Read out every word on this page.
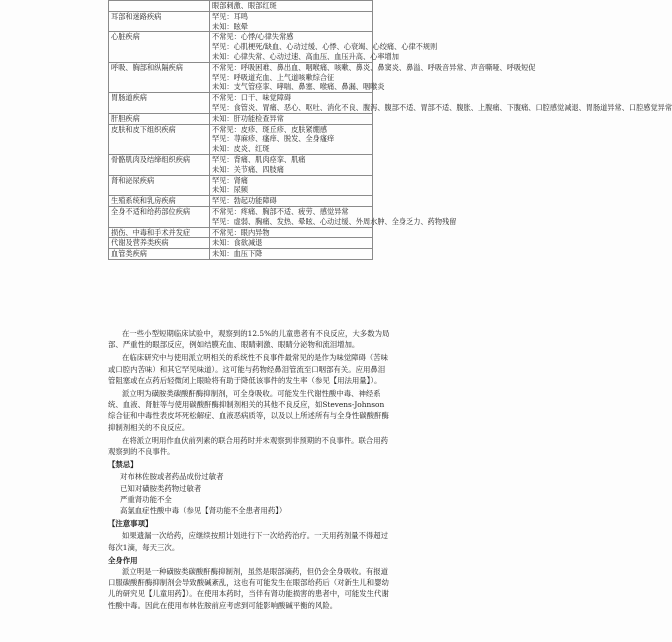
	眼部刺激、眼部红斑

耳部和迷路疾病	罕见：耳鸣
未知：眩晕

心脏疾病	不常见：心悸/心律失常感
罕见：心肌梗死/缺血、心动过缓、心悸、心衰竭、心绞痛、心律不规则
未知：心律失常、心动过速、高血压、血压升高、心率增加

呼吸、胸部和纵隔疾病	不常见：呼吸困难、鼻出血、咽喉痛、咳嗽、鼻炎、鼻窦炎、鼻溢、呼吸音异常、声音嘶哑、呼吸短促
罕见：呼吸道充血、上气道咳嗽综合征
未知：支气管痉挛、哮喘、鼻塞、喉痛、鼻漏、咽喉炎

胃肠道疾病	不常见：口干、味觉障碍
罕见：食管炎、胃痛、恶心、呕吐、消化不良、腹泻、腹部不适、胃部不适、腹胀、上腹痛、下腹痛、口腔感觉减退、胃肠道异常、口腔感觉异常

肝胆疾病	未知：肝功能检查异常

皮肤和皮下组织疾病	不常见：皮疹、斑丘疹、皮肤紧绷感
罕见：荨麻疹、瘙痒、脱发、全身瘙痒
未知：皮炎、红斑

骨骼肌肉及结缔组织疾病	罕见：背痛、肌肉痉挛、肌痛
未知：关节痛、四肢痛

肾和泌尿疾病	罕见：肾痛
未知：尿频

生殖系统和乳房疾病	罕见：勃起功能障碍

全身不适和给药部位疾病	不常见：疼痛、胸部不适、疲劳、感觉异常
罕见：虚弱、胸痛、发热、晕眩、心动过缓、外周水肿、全身乏力、药物残留

损伤、中毒和手术并发症	不常见：眼内异物

代谢及营养类疾病	未知：食欲减退

血管类疾病	未知：血压下降

在一些小型短期临床试验中，观察到的12.5%的儿童患者有不良反应，大多数为局部、严重性的眼部反应，例如结膜充血、眼睛刺激、眼睛分泌物和流泪增加。

在临床研究中与使用派立明相关的系统性不良事件最常见的是作为味觉障碍（苦味或口腔内苦味）和其它罕见味道）。这可能与药物经鼻泪管流至口咽部有关。应用鼻泪管阻塞或在点药后轻微闭上眼睑将有助于降低该事件的发生率（参见【用法用量】）。

派立明为磺胺类碳酸酐酶抑制剂，可全身吸收。可能发生代谢性酸中毒、神经系统、血液、肾脏等与使用碳酸酐酶抑制剂相关的其他不良反应，如Stevens-Johnson综合征和中毒性表皮坏死松解症、血液恶病质等，以及以上所述所有与全身性碳酸酐酶抑制剂相关的不良反应。

在将派立明用作血伏前列素的联合用药时并未观察到非预期的不良事件。联合用药观察到的不良事件。

【禁忌】

对布林佐胺或者药品成份过敏者

已知对磺胺类药物过敏者

严重肾功能不全

高氯血症性酸中毒（参见【肾功能不全患者用药】）

【注意事项】

如果遗漏一次给药，应继续按照计划进行下一次给药治疗。一天用药剂量不得超过每次1滴，每天三次。

全身作用

派立明是一种磺胺类碳酸酐酶抑制剂，虽然是眼部滴药，但仍会全身吸收。有报道口服碳酸酐酶抑制剂会导致酸碱紊乱，这也有可能发生在眼部给药后（对新生儿和婴幼儿的研究见【儿童用药】）。在使用本药时，当伴有肾功能损害的患者中，可能发生代谢性酸中毒。因此在使用布林佐胺前应考虑到可能影响酸碱平衡的风险。
